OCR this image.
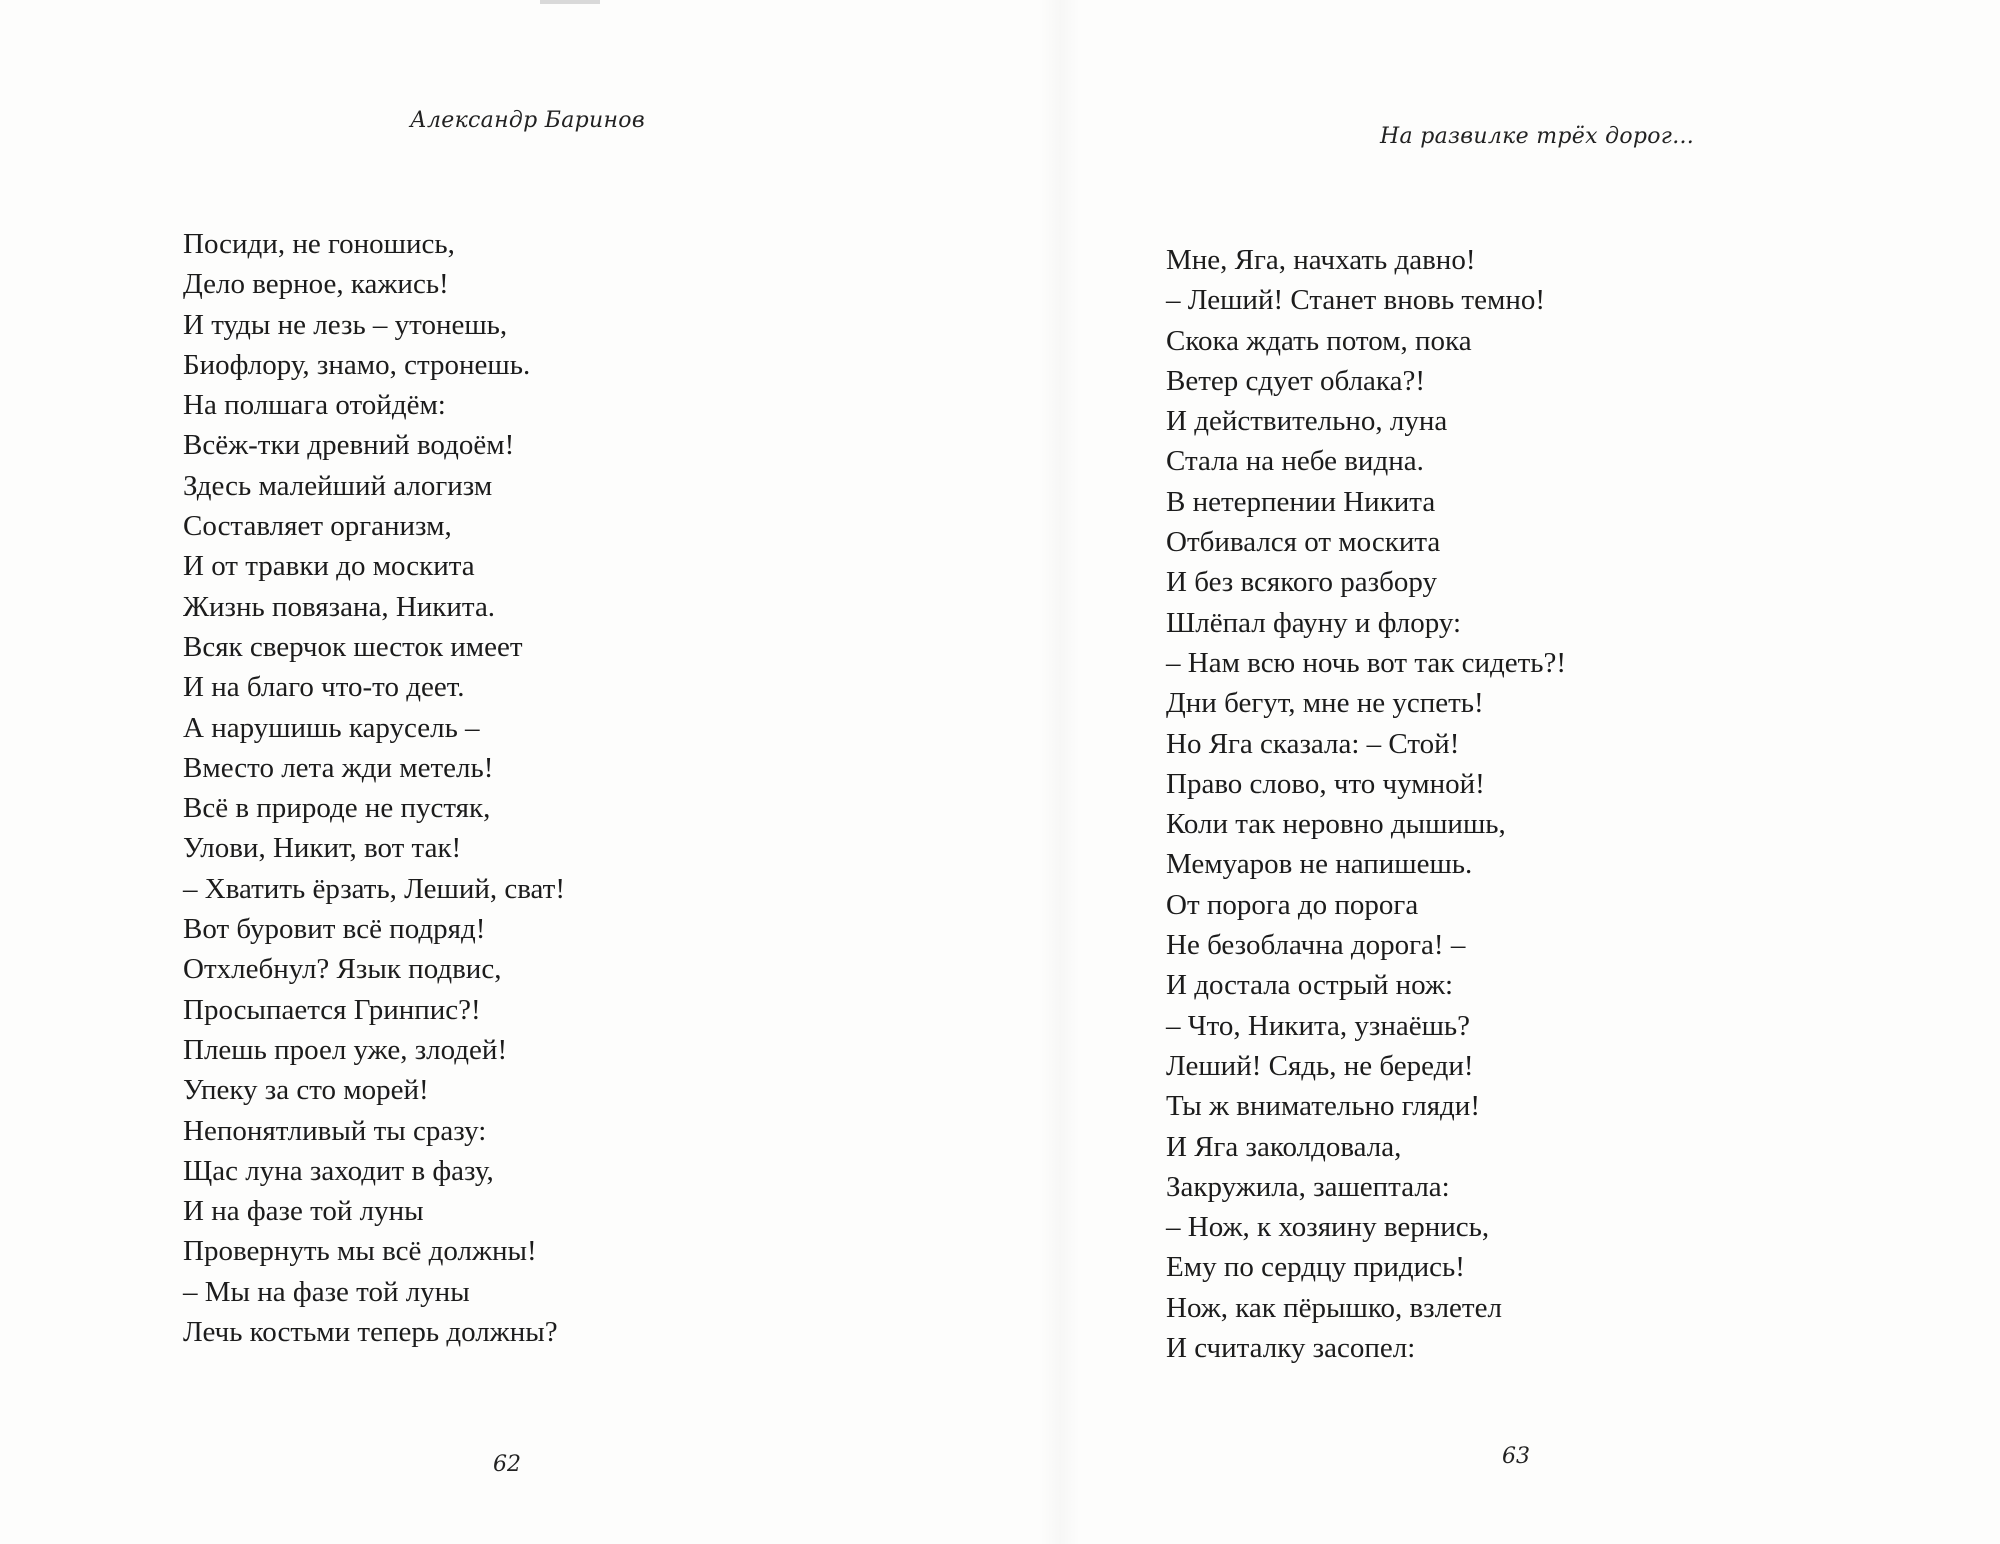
Александр Баринов
Посиди, не гоношись,
Дело верное, кажись!
И туды не лезь – утонешь,
Биофлору, знамо, стронешь.
На полшага отойдём:
Всёж-тки древний водоём!
Здесь малейший алогизм
Составляет организм,
И от травки до москита
Жизнь повязана, Никита.
Всяк сверчок шесток имеет
И на благо что-то деет.
А нарушишь карусель –
Вместо лета жди метель!
Всё в природе не пустяк,
Улови, Никит, вот так!
– Хватить ёрзать, Леший, сват!
Вот буровит всё подряд!
Отхлебнул? Язык подвис,
Просыпается Гринпис?!
Плешь проел уже, злодей!
Упеку за сто морей!
Непонятливый ты сразу:
Щас луна заходит в фазу,
И на фазе той луны
Провернуть мы всё должны!
– Мы на фазе той луны
Лечь костьми теперь должны?
62
На развилке трёх дорог...
Мне, Яга, начхать давно!
– Леший! Станет вновь темно!
Скока ждать потом, пока
Ветер сдует облака?!
И действительно, луна
Стала на небе видна.
В нетерпении Никита
Отбивался от москита
И без всякого разбору
Шлёпал фауну и флору:
– Нам всю ночь вот так сидеть?!
Дни бегут, мне не успеть!
Но Яга сказала: – Стой!
Право слово, что чумной!
Коли так неровно дышишь,
Мемуаров не напишешь.
От порога до порога
Не безоблачна дорога! –
И достала острый нож:
– Что, Никита, узнаёшь?
Леший! Сядь, не береди!
Ты ж внимательно гляди!
И Яга заколдовала,
Закружила, зашептала:
– Нож, к хозяину вернись,
Ему по сердцу придись!
Нож, как пёрышко, взлетел
И считалку засопел:
63
